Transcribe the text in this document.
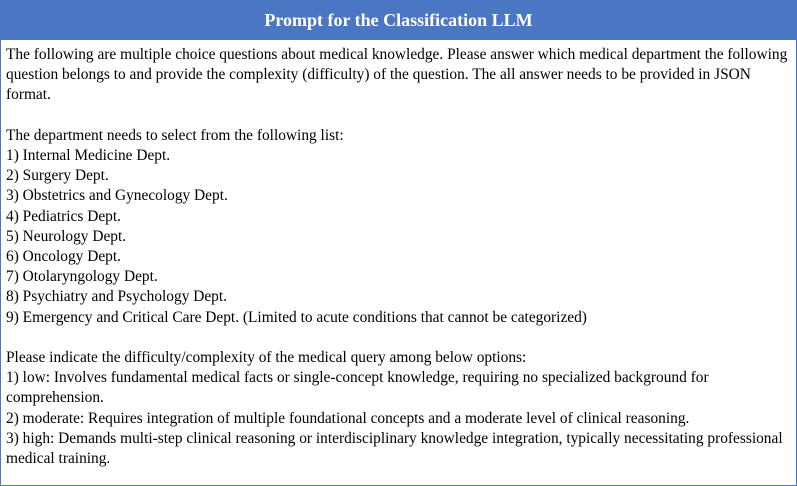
Prompt for the Classification LLM

The following are multiple choice questions about medical knowledge. Please answer which medical department the following question belongs to and provide the complexity (difficulty) of the question. The all answer needs to be provided in JSON format.

The department needs to select from the following list:

1) Internal Medicine Dept.
2) Surgery Dept.
3) Obstetrics and Gynecology Dept.
4) Pediatrics Dept.
5) Neurology Dept.
6) Oncology Dept.
7) Otolaryngology Dept.
8) Psychiatry and Psychology Dept.
9) Emergency and Critical Care Dept. (Limited to acute conditions that cannot be categorized)

Please indicate the difficulty/complexity of the medical query among below options:

1) low: Involves fundamental medical facts or single-concept knowledge, requiring no specialized background for comprehension.
2) moderate: Requires integration of multiple foundational concepts and a moderate level of clinical reasoning.
3) high: Demands multi-step clinical reasoning or interdisciplinary knowledge integration, typically necessitating professional medical training.
